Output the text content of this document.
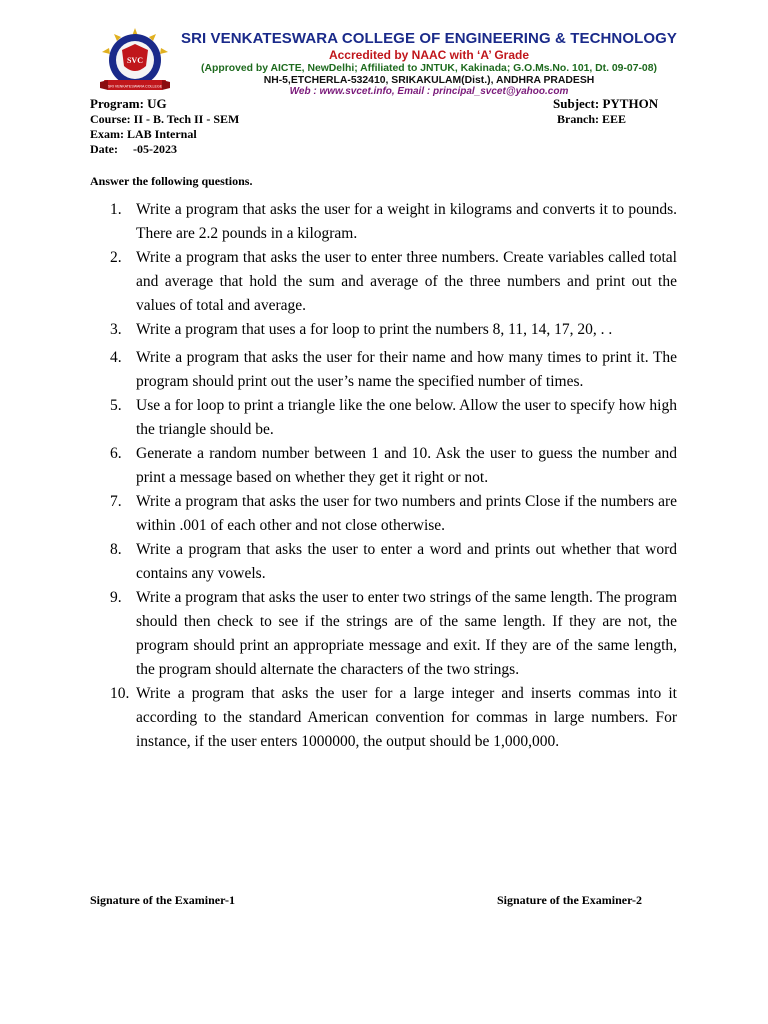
SVC
SRI VENKATESWARA COLLEGE
SRI VENKATESWARA COLLEGE OF ENGINEERING & TECHNOLOGY
Accredited by NAAC with ‘A’ Grade
(Approved by AICTE, NewDelhi; Affiliated to JNTUK, Kakinada; G.O.Ms.No. 101, Dt. 09-07-08)
NH-5,ETCHERLA-532410, SRIKAKULAM(Dist.), ANDHRA PRADESH
Web : www.svcet.info, Email : principal_svcet@yahoo.com
Program: UG
Course: II - B. Tech II - SEM
Exam: LAB Internal
Date:     -05-2023
Subject: PYTHON
Branch: EEE
Answer the following questions.
1. Write a program that asks the user for a weight in kilograms and converts it to pounds. There are 2.2 pounds in a kilogram.
2. Write a program that asks the user to enter three numbers. Create variables called total and average that hold the sum and average of the three numbers and print out the values of total and average.
3. Write a program that uses a for loop to print the numbers 8, 11, 14, 17, 20, . .
4. Write a program that asks the user for their name and how many times to print it. The program should print out the user’s name the specified number of times.
5. Use a for loop to print a triangle like the one below. Allow the user to specify how high the triangle should be.
6. Generate a random number between 1 and 10. Ask the user to guess the number and print a message based on whether they get it right or not.
7. Write a program that asks the user for two numbers and prints Close if the numbers are within .001 of each other and not close otherwise.
8. Write a program that asks the user to enter a word and prints out whether that word contains any vowels.
9. Write a program that asks the user to enter two strings of the same length. The program should then check to see if the strings are of the same length. If they are not, the program should print an appropriate message and exit. If they are of the same length, the program should alternate the characters of the two strings.
10. Write a program that asks the user for a large integer and inserts commas into it according to the standard American convention for commas in large numbers. For instance, if the user enters 1000000, the output should be 1,000,000.
Signature of the Examiner-1	Signature of the Examiner-2
